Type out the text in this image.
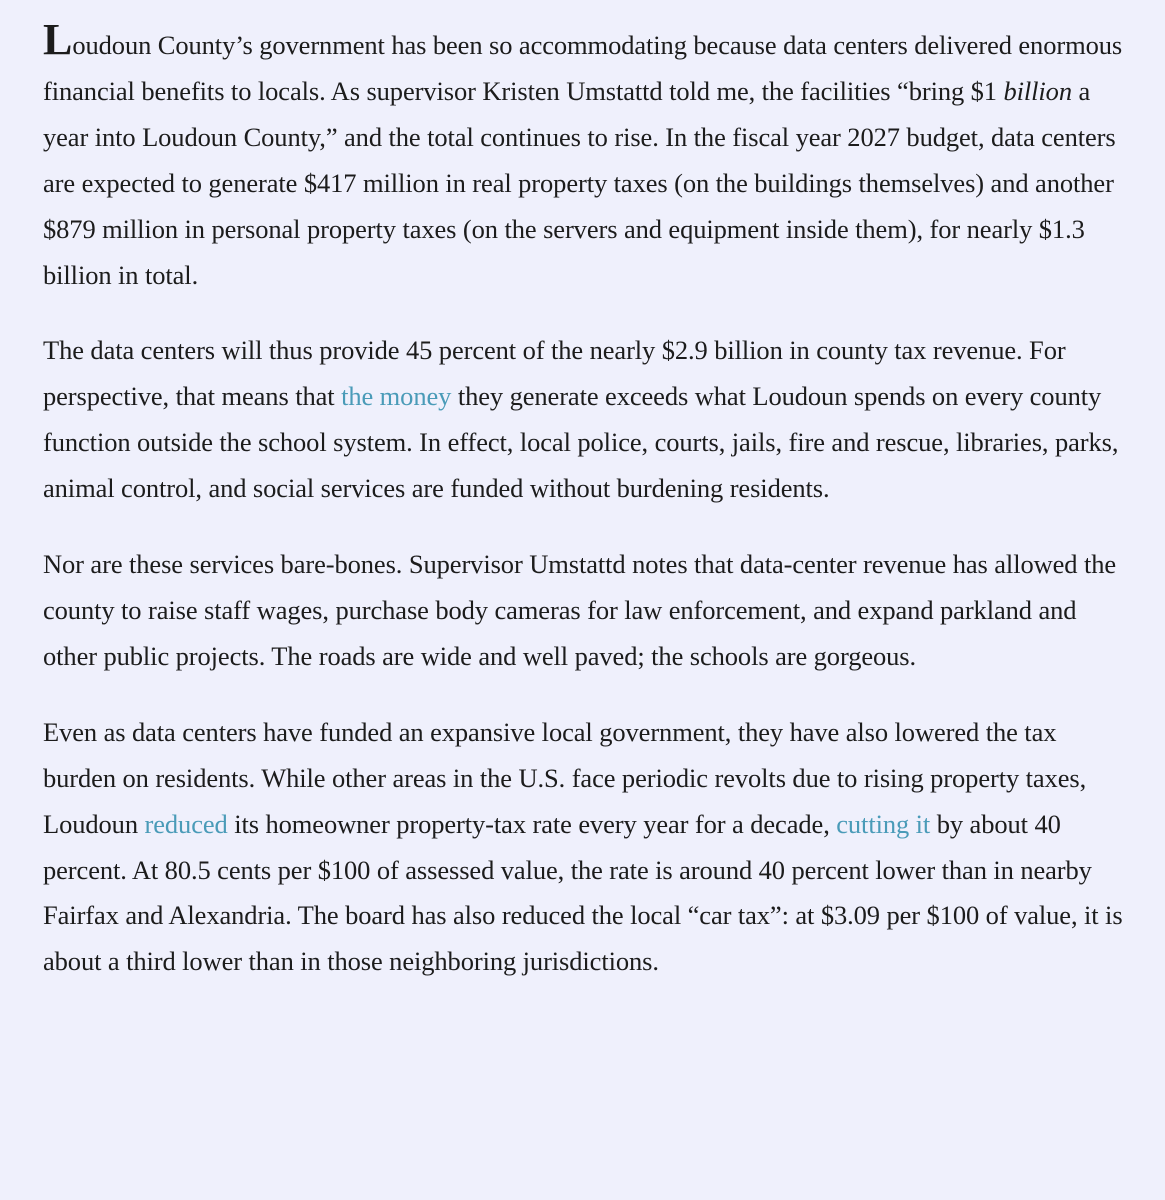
Loudoun County’s government has been so accommodating because data centers delivered enormous financial benefits to locals. As supervisor Kristen Umstattd told me, the facilities “bring $1 billion a year into Loudoun County,” and the total continues to rise. In the fiscal year 2027 budget, data centers are expected to generate $417 million in real property taxes (on the buildings themselves) and another $879 million in personal property taxes (on the servers and equipment inside them), for nearly $1.3 billion in total.

The data centers will thus provide 45 percent of the nearly $2.9 billion in county tax revenue. For perspective, that means that the money they generate exceeds what Loudoun spends on every county function outside the school system. In effect, local police, courts, jails, fire and rescue, libraries, parks, animal control, and social services are funded without burdening residents.

Nor are these services bare-bones. Supervisor Umstattd notes that data-center revenue has allowed the county to raise staff wages, purchase body cameras for law enforcement, and expand parkland and other public projects. The roads are wide and well paved; the schools are gorgeous.

Even as data centers have funded an expansive local government, they have also lowered the tax burden on residents. While other areas in the U.S. face periodic revolts due to rising property taxes, Loudoun reduced its homeowner property-tax rate every year for a decade, cutting it by about 40 percent. At 80.5 cents per $100 of assessed value, the rate is around 40 percent lower than in nearby Fairfax and Alexandria. The board has also reduced the local “car tax”: at $3.09 per $100 of value, it is about a third lower than in those neighboring jurisdictions.
